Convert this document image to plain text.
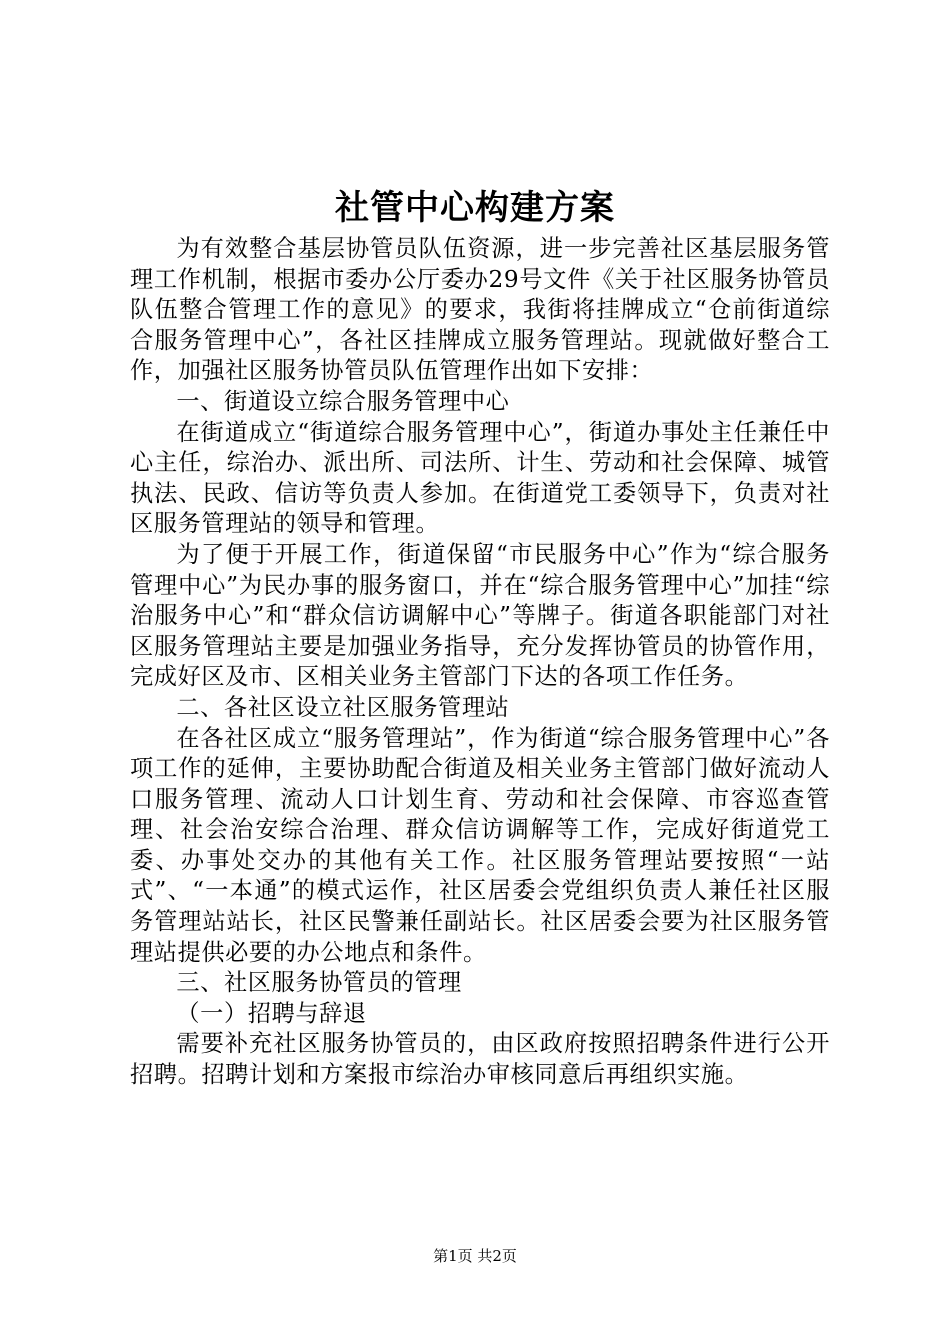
社管中心构建方案

为有效整合基层协管员队伍资源，进一步完善社区基层服务管理工作机制，根据市委办公厅委办29号文件《关于社区服务协管员队伍整合管理工作的意见》的要求，我街将挂牌成立“仓前街道综合服务管理中心”，各社区挂牌成立服务管理站。现就做好整合工作，加强社区服务协管员队伍管理作出如下安排：

一、街道设立综合服务管理中心

在街道成立“街道综合服务管理中心”，街道办事处主任兼任中心主任，综治办、派出所、司法所、计生、劳动和社会保障、城管执法、民政、信访等负责人参加。在街道党工委领导下，负责对社区服务管理站的领导和管理。

为了便于开展工作，街道保留“市民服务中心”作为“综合服务管理中心”为民办事的服务窗口，并在“综合服务管理中心”加挂“综治服务中心”和“群众信访调解中心”等牌子。街道各职能部门对社区服务管理站主要是加强业务指导，充分发挥协管员的协管作用，完成好区及市、区相关业务主管部门下达的各项工作任务。

二、各社区设立社区服务管理站

在各社区成立“服务管理站”，作为街道“综合服务管理中心”各项工作的延伸，主要协助配合街道及相关业务主管部门做好流动人口服务管理、流动人口计划生育、劳动和社会保障、市容巡查管理、社会治安综合治理、群众信访调解等工作，完成好街道党工委、办事处交办的其他有关工作。社区服务管理站要按照“一站式”、“一本通”的模式运作，社区居委会党组织负责人兼任社区服务管理站站长，社区民警兼任副站长。社区居委会要为社区服务管理站提供必要的办公地点和条件。

三、社区服务协管员的管理

（一）招聘与辞退

需要补充社区服务协管员的，由区政府按照招聘条件进行公开招聘。招聘计划和方案报市综治办审核同意后再组织实施。

第1页 共2页
